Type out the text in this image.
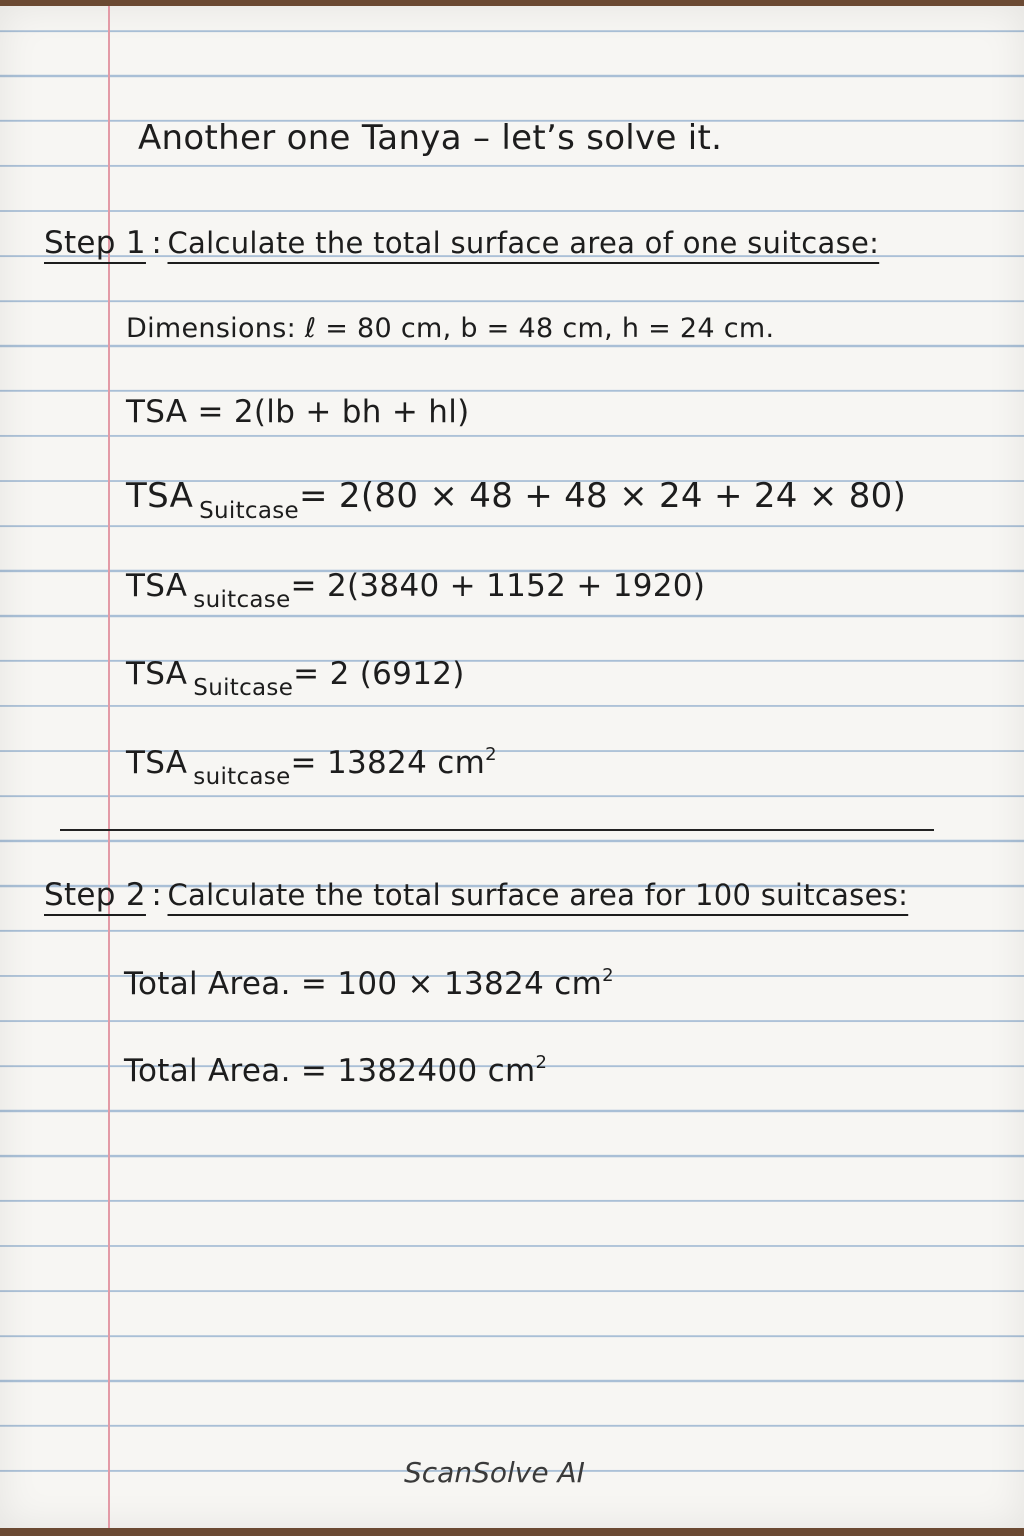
Another one Tanya – let’s solve it.
Step 1 : Calculate the total surface area of one suitcase:
Dimensions: ℓ = 80 cm, b = 48 cm, h = 24 cm.
TSA = 2(lb + bh + hl)
TSA $_{Suitcase}$= 2(80 × 48 + 48 × 24 + 24 × 80)
TSA $_{suitcase}$= 2(3840 + 1152 + 1920)
TSA $_{Suitcase}$= 2 (6912)
TSA $_{suitcase}$= 13824 $cm^2$
Step 2 : Calculate the total surface area for 100 suitcases:
Total Area. = 100 × 13824 $cm^2$
Total Area. = 1382400 $cm^2$
ScanSolve AI
